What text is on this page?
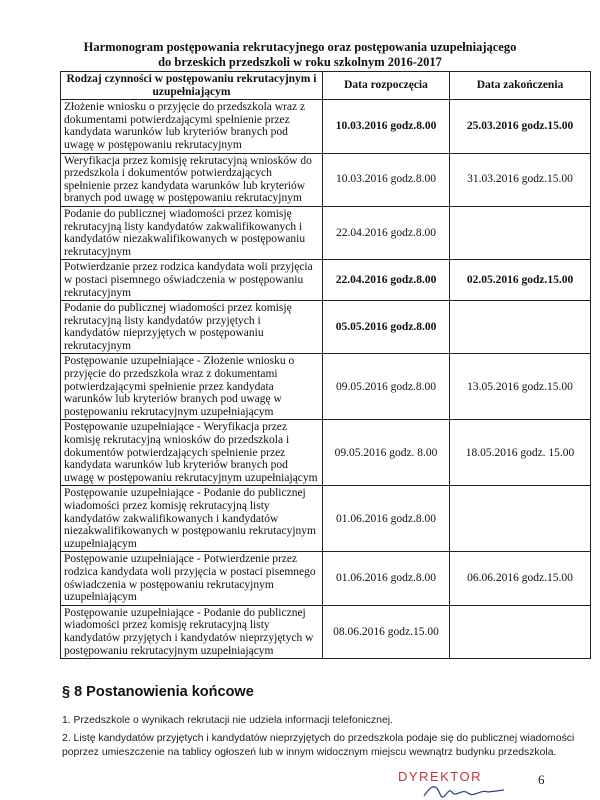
Harmonogram postępowania rekrutacyjnego oraz postępowania uzupełniającego
do brzeskich przedszkoli w roku szkolnym 2016-2017
Rodzaj czynności w postępowaniu rekrutacyjnym i uzupełniającym	Data rozpoczęcia	Data zakończenia
Złożenie wniosku o przyjęcie do przedszkola wraz z dokumentami potwierdzającymi spełnienie przez kandydata warunków lub kryteriów branych pod uwagę w postępowaniu rekrutacyjnym	10.03.2016 godz.8.00	25.03.2016 godz.15.00
Weryfikacja przez komisję rekrutacyjną wniosków do przedszkola i dokumentów potwierdzających spełnienie przez kandydata warunków lub kryteriów branych pod uwagę w postępowaniu rekrutacyjnym	10.03.2016 godz.8.00	31.03.2016 godz.15.00
Podanie do publicznej wiadomości przez komisję rekrutacyjną listy kandydatów zakwalifikowanych i kandydatów niezakwalifikowanych w postępowaniu rekrutacyjnym	22.04.2016 godz.8.00	
Potwierdzanie przez rodzica kandydata woli przyjęcia w postaci pisemnego oświadczenia w postępowaniu rekrutacyjnym	22.04.2016 godz.8.00	02.05.2016 godz.15.00
Podanie do publicznej wiadomości przez komisję rekrutacyjną listy kandydatów przyjętych i kandydatów nieprzyjętych w postępowaniu rekrutacyjnym	05.05.2016 godz.8.00	
Postępowanie uzupełniające - Złożenie wniosku o przyjęcie do przedszkola wraz z dokumentami potwierdzającymi spełnienie przez kandydata warunków lub kryteriów branych pod uwagę w postępowaniu rekrutacyjnym uzupełniającym	09.05.2016 godz.8.00	13.05.2016 godz.15.00
Postępowanie uzupełniające - Weryfikacja przez komisję rekrutacyjną wniosków do przedszkola i dokumentów potwierdzających spełnienie przez kandydata warunków lub kryteriów branych pod uwagę w postępowaniu rekrutacyjnym uzupełniającym	09.05.2016 godz. 8.00	18.05.2016 godz. 15.00
Postępowanie uzupełniające - Podanie do publicznej wiadomości przez komisję rekrutacyjną listy kandydatów zakwalifikowanych i kandydatów niezakwalifikowanych w postępowaniu rekrutacyjnym uzupełniającym	01.06.2016 godz.8.00	
Postępowanie uzupełniające - Potwierdzenie przez rodzica kandydata woli przyjęcia w postaci pisemnego oświadczenia w postępowaniu rekrutacyjnym uzupełniającym	01.06.2016 godz.8.00	06.06.2016 godz.15.00
Postępowanie uzupełniające - Podanie do publicznej wiadomości przez komisję rekrutacyjną listy kandydatów przyjętych i kandydatów nieprzyjętych w postępowaniu rekrutacyjnym uzupełniającym	08.06.2016 godz.15.00	
§ 8 Postanowienia końcowe

1. Przedszkole o wynikach rekrutacji nie udziela informacji telefonicznej.

2. Listę kandydatów przyjętych i kandydatów nieprzyjętych do przedszkola podaje się do publicznej wiadomości poprzez umieszczenie na tablicy ogłoszeń lub w innym widocznym miejscu wewnątrz budynku przedszkola.

DYREKTOR	6
